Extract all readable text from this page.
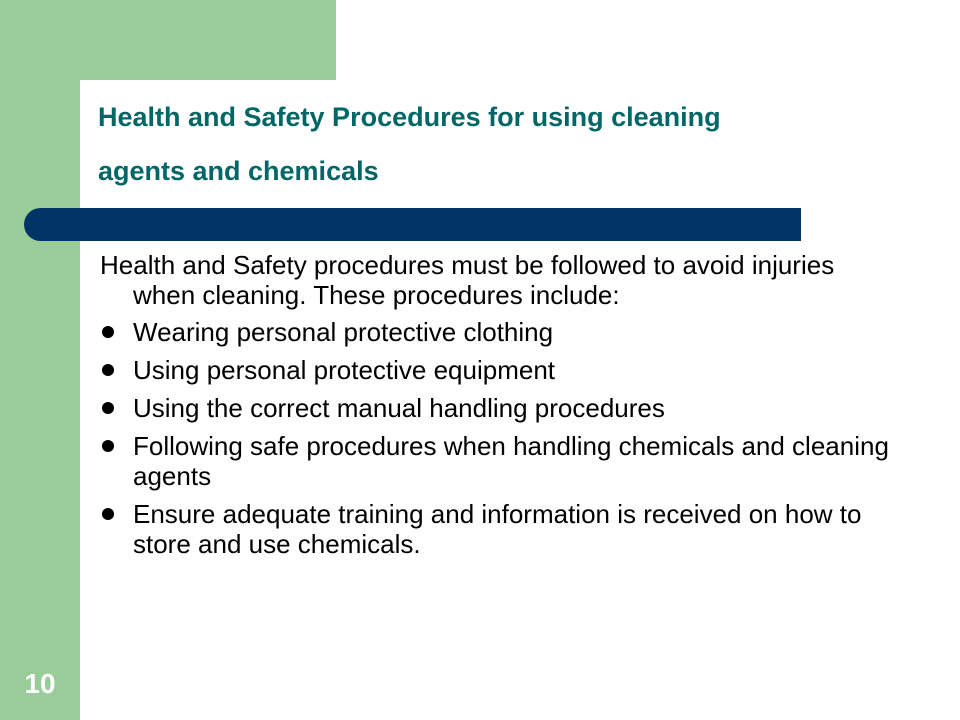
Health and Safety Procedures for using cleaning
agents and chemicals

Health and Safety procedures must be followed to avoid injuries when cleaning. These procedures include:

Wearing personal protective clothing
Using personal protective equipment
Using the correct manual handling procedures
Following safe procedures when handling chemicals and cleaning agents
Ensure adequate training and information is received on how to store and use chemicals.
10
